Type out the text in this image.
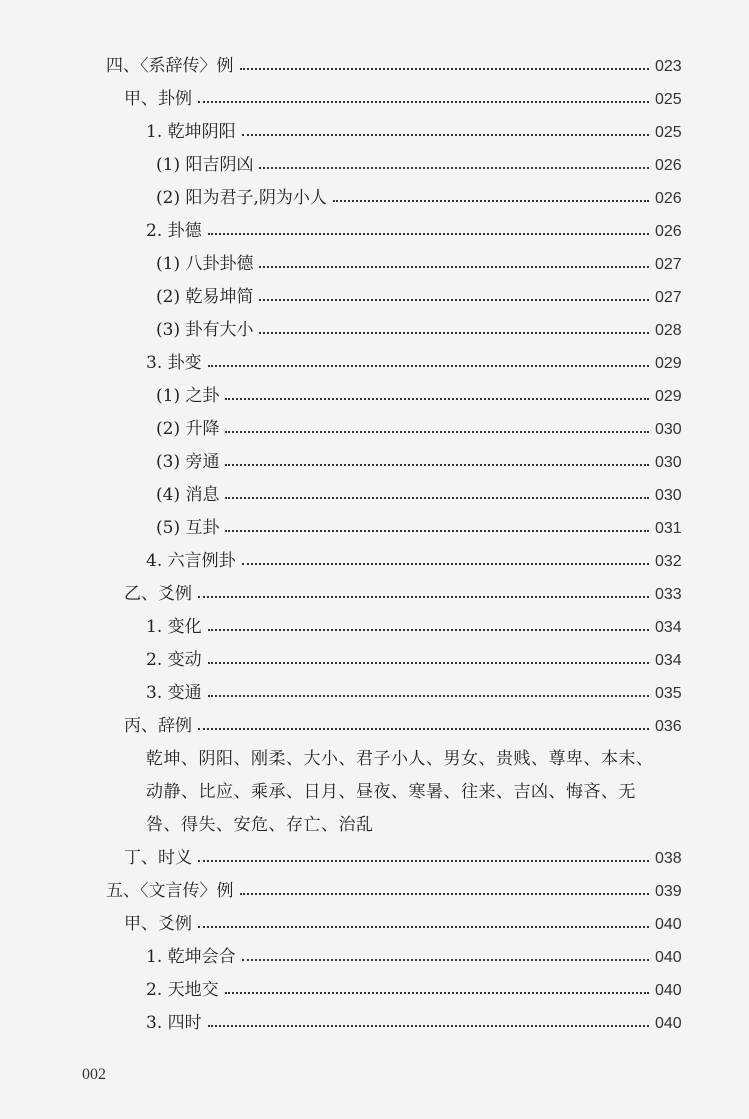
四、〈系辞传〉例	023
甲、卦例	025
1. 乾坤阴阳	025
(1) 阳吉阴凶	026
(2) 阳为君子,阴为小人	026
2. 卦德	026
(1) 八卦卦德	027
(2) 乾易坤简	027
(3) 卦有大小	028
3. 卦变	029
(1) 之卦	029
(2) 升降	030
(3) 旁通	030
(4) 消息	030
(5) 互卦	031
4. 六言例卦	032
乙、爻例	033
1. 变化	034
2. 变动	034
3. 变通	035
丙、辞例	036
乾坤、阴阳、刚柔、大小、君子小人、男女、贵贱、尊卑、本末、动静、比应、乘承、日月、昼夜、寒暑、往来、吉凶、悔吝、无咎、得失、安危、存亡、治乱
丁、时义	038
五、〈文言传〉例	039
甲、爻例	040
1. 乾坤会合	040
2. 天地交	040
3. 四时	040
002
